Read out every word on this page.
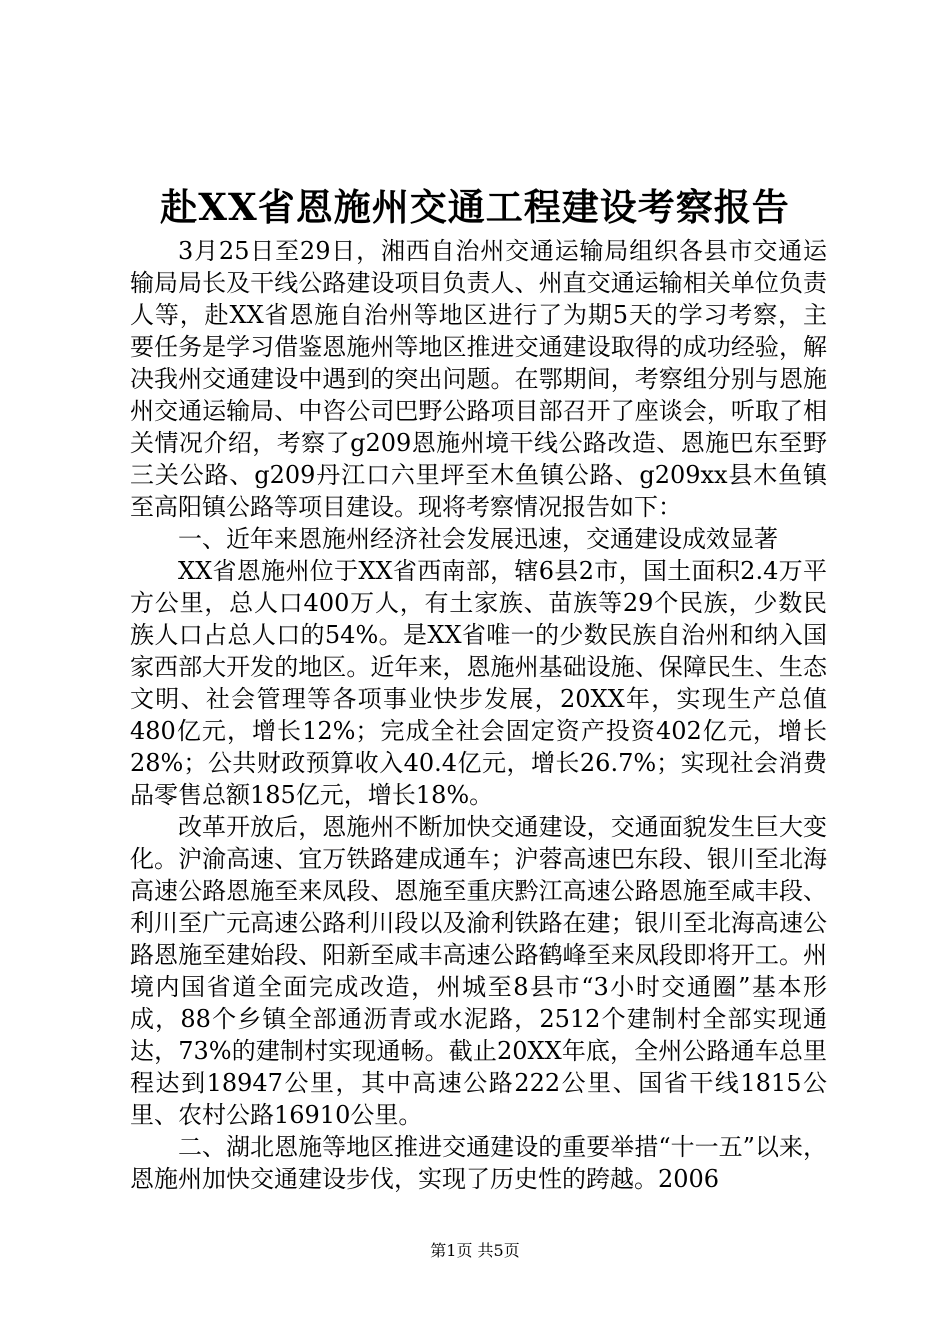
赴XX省恩施州交通工程建设考察报告

3月25日至29日，湘西自治州交通运输局组织各县市交通运输局局长及干线公路建设项目负责人、州直交通运输相关单位负责人等，赴XX省恩施自治州等地区进行了为期5天的学习考察，主要任务是学习借鉴恩施州等地区推进交通建设取得的成功经验，解决我州交通建设中遇到的突出问题。在鄂期间，考察组分别与恩施州交通运输局、中咨公司巴野公路项目部召开了座谈会，听取了相关情况介绍，考察了g209恩施州境干线公路改造、恩施巴东至野三关公路、g209丹江口六里坪至木鱼镇公路、g209xx县木鱼镇至高阳镇公路等项目建设。现将考察情况报告如下：

一、近年来恩施州经济社会发展迅速，交通建设成效显著

XX省恩施州位于XX省西南部，辖6县2市，国土面积2.4万平方公里，总人口400万人，有土家族、苗族等29个民族，少数民族人口占总人口的54%。是XX省唯一的少数民族自治州和纳入国家西部大开发的地区。近年来，恩施州基础设施、保障民生、生态文明、社会管理等各项事业快步发展，20XX年，实现生产总值480亿元，增长12%；完成全社会固定资产投资402亿元，增长28%；公共财政预算收入40.4亿元，增长26.7%；实现社会消费品零售总额185亿元，增长18%。

改革开放后，恩施州不断加快交通建设，交通面貌发生巨大变化。沪渝高速、宜万铁路建成通车；沪蓉高速巴东段、银川至北海高速公路恩施至来凤段、恩施至重庆黔江高速公路恩施至咸丰段、利川至广元高速公路利川段以及渝利铁路在建；银川至北海高速公路恩施至建始段、阳新至咸丰高速公路鹤峰至来凤段即将开工。州境内国省道全面完成改造，州城至8县市“3小时交通圈”基本形成，88个乡镇全部通沥青或水泥路，2512个建制村全部实现通达，73%的建制村实现通畅。截止20XX年底，全州公路通车总里程达到18947公里，其中高速公路222公里、国省干线1815公里、农村公路16910公里。

二、湖北恩施等地区推进交通建设的重要举措“十一五”以来，恩施州加快交通建设步伐，实现了历史性的跨越。2006

第1页 共5页
